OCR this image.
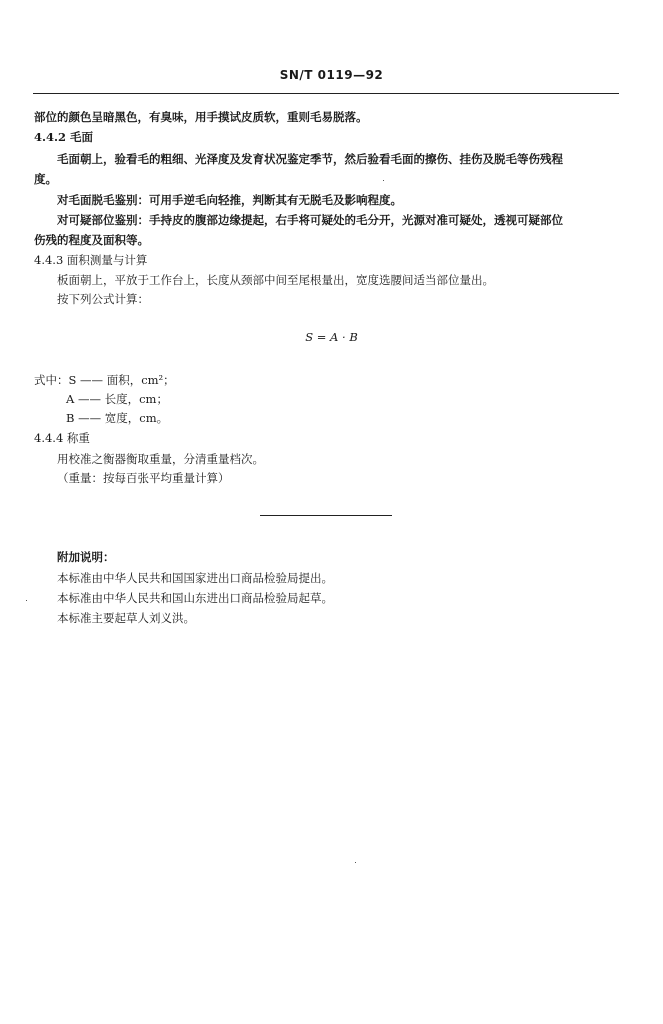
SN/T 0119—92
部位的颜色呈暗黑色，有臭味，用手摸试皮质软，重则毛易脱落。
4.4.2 毛面
毛面朝上，验看毛的粗细、光泽度及发育状况鉴定季节，然后验看毛面的擦伤、挂伤及脱毛等伤残程
度。
对毛面脱毛鉴别：可用手逆毛向轻推，判断其有无脱毛及影响程度。
对可疑部位鉴别：手持皮的腹部边缘提起，右手将可疑处的毛分开，光源对准可疑处，透视可疑部位
伤残的程度及面积等。
4.4.3 面积测量与计算
板面朝上，平放于工作台上，长度从颈部中间至尾根量出，宽度选腰间适当部位量出。
按下列公式计算：
S = A · B
式中：S —— 面积，cm²；
A —— 长度，cm；
B —— 宽度，cm。
4.4.4 称重
用校准之衡器衡取重量，分清重量档次。
（重量：按每百张平均重量计算）
附加说明：
本标准由中华人民共和国国家进出口商品检验局提出。
本标准由中华人民共和国山东进出口商品检验局起草。
本标准主要起草人刘义洪。
